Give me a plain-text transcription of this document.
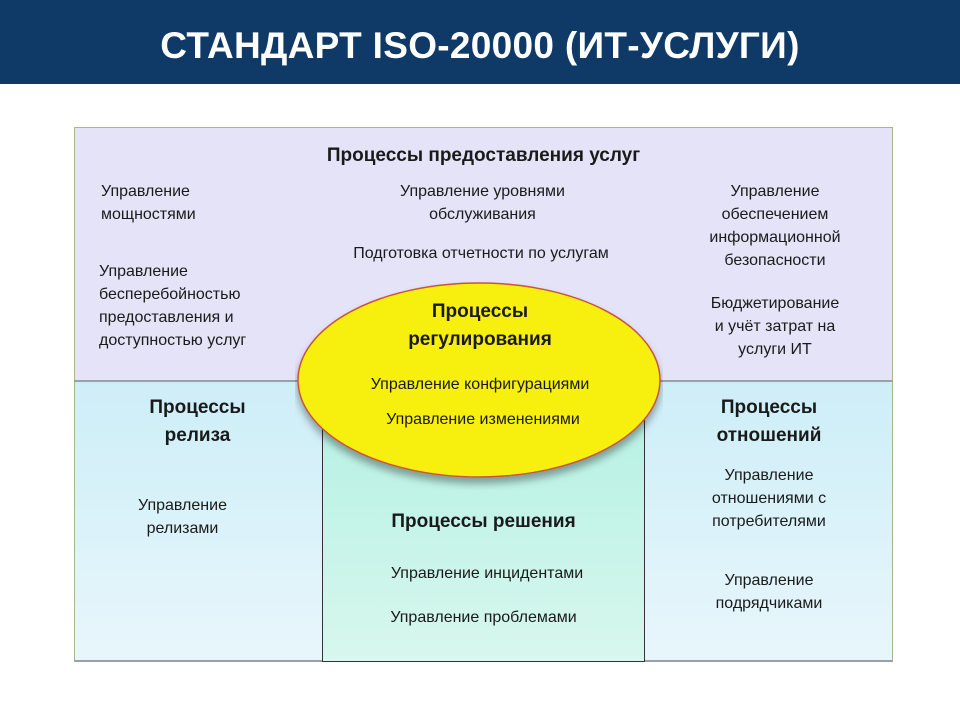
СТАНДАРТ ISO-20000 (ИТ-УСЛУГИ)
Процессы предоставления услуг
Управление
мощностями
Управление
бесперебойностью
предоставления и
доступностью услуг
Управление уровнями
обслуживания
Подготовка отчетности по услугам
Управление
обеспечением
информационной
безопасности
Бюджетирование
и учёт затрат на
услуги ИТ
Процессы
релиза
Управление
релизами
Процессы
отношений
Управление
отношениями с
потребителями
Управление
подрядчиками
Процессы решения
Управление инцидентами
Управление проблемами
Процессы
регулирования
Управление конфигурациями
Управление изменениями
